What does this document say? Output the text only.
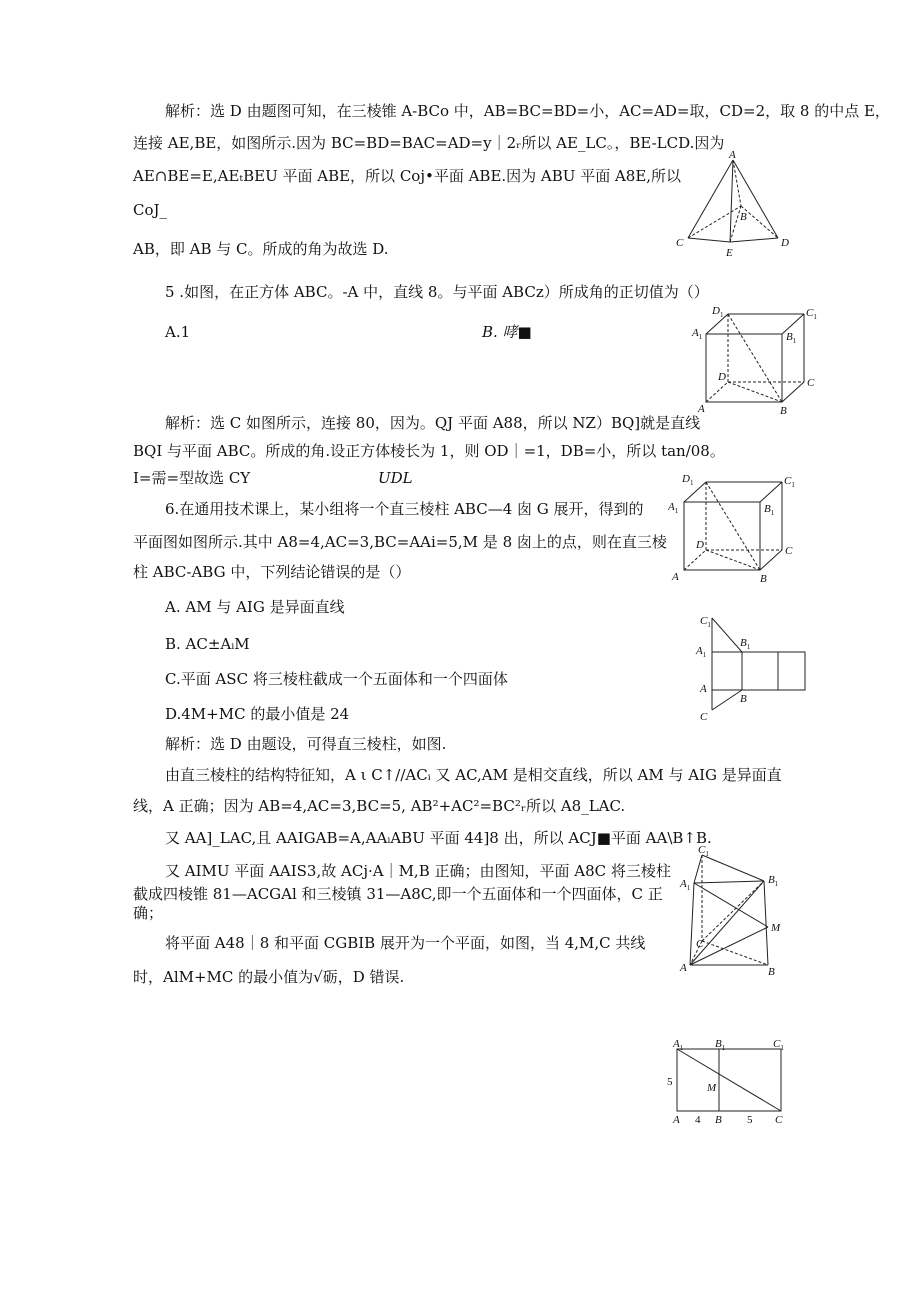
解析：选 D 由题图可知，在三棱锥 A-BCo 中，AB=BC=BD=小，AC=AD=取，CD=2，取 8 的中点 E，
连接 AE,BE，如图所示.因为 BC=BD=BAC=AD=y｜2ᵣ所以 AE_LC。，BE-LCD.因为
AE∩BE=E,AEₜBEU 平面 ABE，所以 Coj•平面 ABE.因为 ABU 平面 A8E,所以
CoJ_
AB，即 AB 与 C。所成的角为故选 D.
5 .如图，在正方体 ABC。-A 中，直线 8。与平面 ABCz）所成角的正切值为（）
A.1	B. 哮■
解析：选 C 如图所示，连接 80，因为。QJ 平面 A88，所以 NZ）BQ]就是直线
BQI 与平面 ABC。所成的角.设正方体棱长为 1，则 OD｜=1，DB=小，所以 tan/08。
I=需=型故选 CY	UDL
6.在通用技术课上，某小组将一个直三棱柱 ABC—4 囱 G 展开，得到的
平面图如图所示.其中 A8=4,AC=3,BC=AAi=5,M 是 8 囱上的点，则在直三棱
柱 ABC-ABG 中，下列结论错误的是（）
A. AM 与 AIG 是异面直线
B. AC±AᵢM
C.平面 ASC 将三棱柱截成一个五面体和一个四面体
D.4M+MC 的最小值是 24
解析：选 D 由题设，可得直三棱柱，如图.
由直三棱柱的结构特征知，A ι C↑//ACᵢ 又 AC,AM 是相交直线，所以 AM 与 AIG 是异面直
线，A 正确；因为 AB=4,AC=3,BC=5, AB²+AC²=BC²ᵣ所以 A8_LAC.
又 AA]_LAC,且 AAIGAB=A,AAᵢABU 平面 44]8 出，所以 ACJ■平面 AA\B↑B.
又 AIMU 平面 AAIS3,故 ACj·A｜M,B 正确；由图知，平面 A8C 将三棱柱
截成四棱锥 81—ACGAl 和三棱镇 31—A8C,即一个五面体和一个四面体，C 正
确；
将平面 A48｜8 和平面 CGBIB 展开为一个平面，如图，当 4,M,C 共线
时，AlM+MC 的最小值为√砺，D 错误.
A
B
C	D
E
$D_1$
$A_1$	$B_1$
$C_1$
D
A	B
C
$D_1$
$A_1$	$B_1$
$C_1$
D
A	B
C
$C_1$
$A_1$
$B_1$
A
B
C
$C_1$
$A_1$
$B_1$
M
C
A	B
$A_1$	$B_1$	$C_1$
5	M
A 4 B 5 C
